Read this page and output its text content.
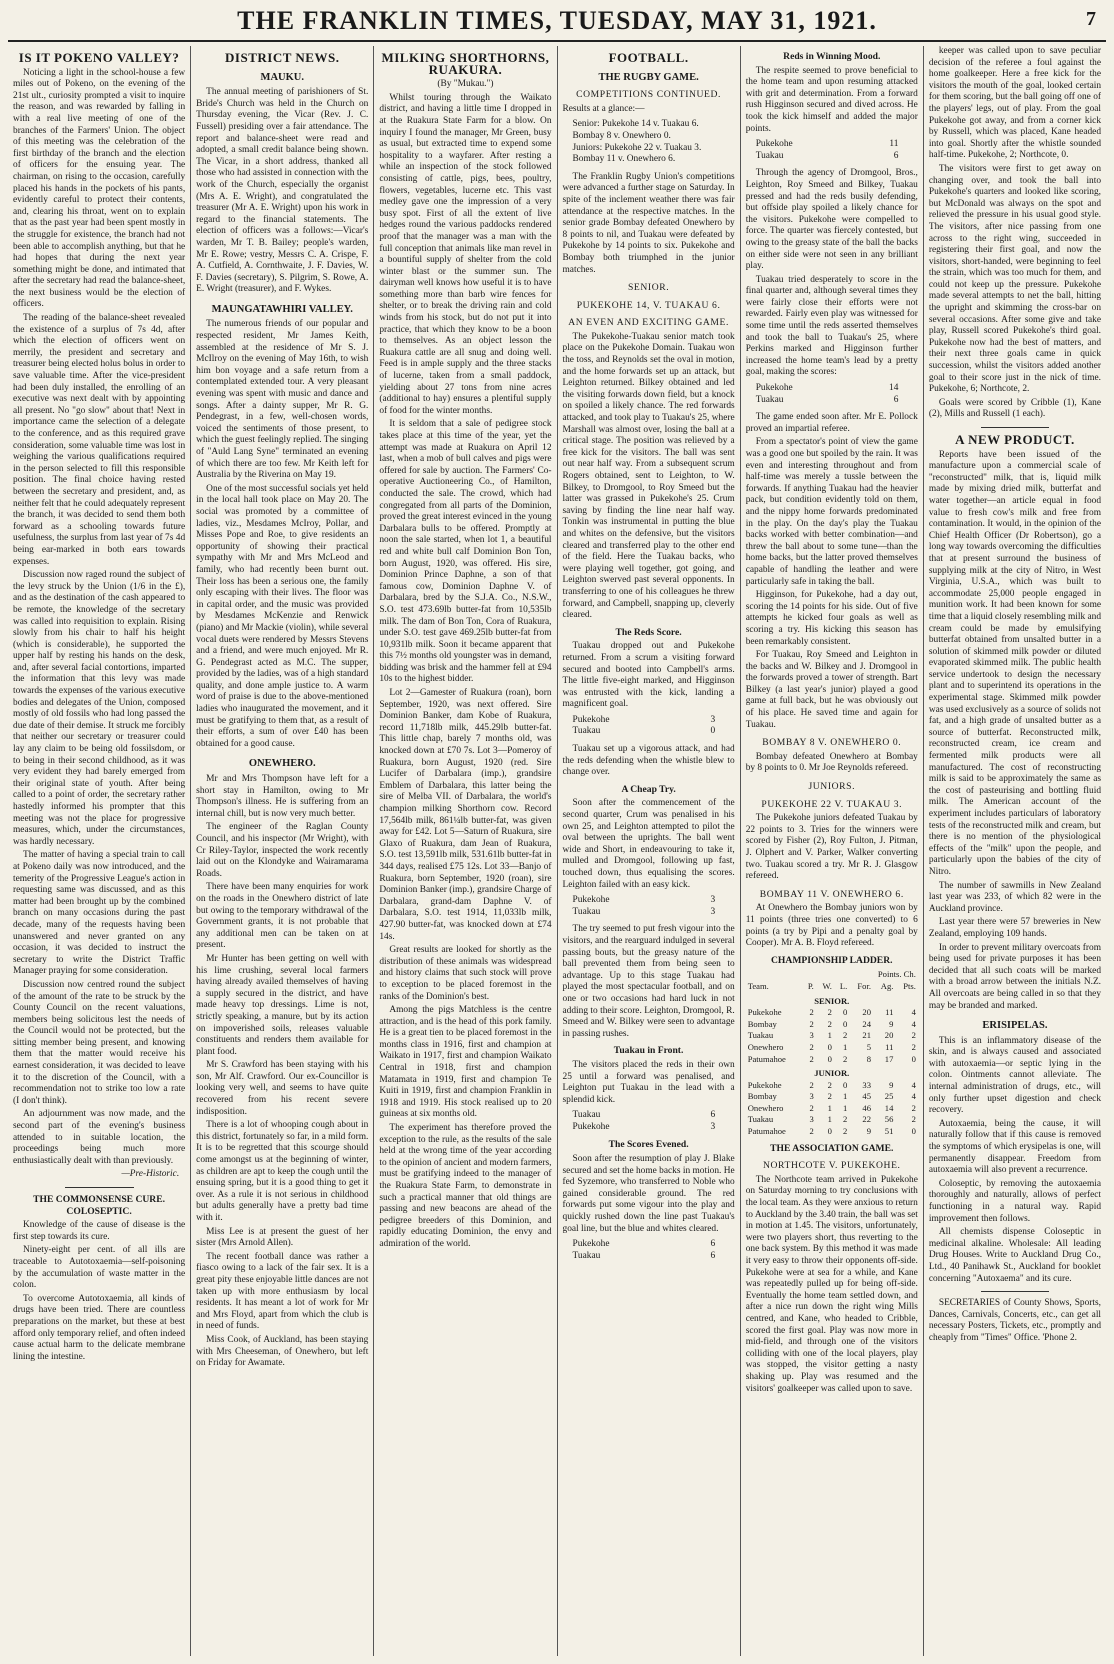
THE FRANKLIN TIMES, TUESDAY, MAY 31, 1921.	7
IS IT POKENO VALLEY?

Noticing a light in the school-house a few miles out of Pokeno, on the evening of the 21st ult., curiosity prompted a visit to inquire the reason, and was rewarded by falling in with a real live meeting of one of the branches of the Farmers' Union. The object of this meeting was the celebration of the first birthday of the branch and the election of officers for the ensuing year. The chairman, on rising to the occasion, carefully placed his hands in the pockets of his pants, evidently careful to protect their contents, and, clearing his throat, went on to explain that as the past year had been spent mostly in the struggle for existence, the branch had not been able to accomplish anything, but that he had hopes that during the next year something might be done, and intimated that after the secretary had read the balance-sheet, the next business would be the election of officers.

The reading of the balance-sheet revealed the existence of a surplus of 7s 4d, after which the election of officers went on merrily, the president and secretary and treasurer being elected holus bolus in order to save valuable time. After the vice-president had been duly installed, the enrolling of an executive was next dealt with by appointing all present. No "go slow" about that! Next in importance came the selection of a delegate to the conference, and as this required grave consideration, some valuable time was lost in weighing the various qualifications required in the person selected to fill this responsible position. The final choice having rested between the secretary and president, and, as neither felt that he could adequately represent the branch, it was decided to send them both forward as a schooling towards future usefulness, the surplus from last year of 7s 4d being ear-marked in both ears towards expenses.

Discussion now raged round the subject of the levy struck by the Union (1/6 in the £), and as the destination of the cash appeared to be remote, the knowledge of the secretary was called into requisition to explain. Rising slowly from his chair to half his height (which is considerable), he supported the upper half by resting his hands on the desk, and, after several facial contortions, imparted the information that this levy was made towards the expenses of the various executive bodies and delegates of the Union, composed mostly of old fossils who had long passed the due date of their demise. It struck me forcibly that neither our secretary or treasurer could lay any claim to be being old fossilsdom, or to being in their second childhood, as it was very evident they had barely emerged from their original state of youth. After being called to a point of order, the secretary rather hastedly informed his prompter that this meeting was not the place for progressive measures, which, under the circumstances, was hardly necessary.

The matter of having a special train to call at Pokeno daily was now introduced, and the temerity of the Progressive League's action in requesting same was discussed, and as this matter had been brought up by the combined branch on many occasions during the past decade, many of the requests having been unanswered and never granted on any occasion, it was decided to instruct the secretary to write the District Traffic Manager praying for some consideration.

Discussion now centred round the subject of the amount of the rate to be struck by the County Council on the recent valuations, members being solicitous lest the needs of the Council would not be protected, but the sitting member being present, and knowing them that the matter would receive his earnest consideration, it was decided to leave it to the discretion of the Council, with a recommendation not to strike too low a rate (I don't think).

An adjournment was now made, and the second part of the evening's business attended to in suitable location, the proceedings being much more enthusiastically dealt with than previously.

—Pre-Historic.
THE COMMONSENSE CURE. COLOSEPTIC.

Knowledge of the cause of disease is the first step towards its cure.

Ninety-eight per cent. of all ills are traceable to Autotoxaemia—self-poisoning by the accumulation of waste matter in the colon.

To overcome Autotoxaemia, all kinds of drugs have been tried. There are countless preparations on the market, but these at best afford only temporary relief, and often indeed cause actual harm to the delicate membrane lining the intestine.

DISTRICT NEWS.
MAUKU.

The annual meeting of parishioners of St. Bride's Church was held in the Church on Thursday evening, the Vicar (Rev. J. C. Fussell) presiding over a fair attendance. The report and balance-sheet were read and adopted, a small credit balance being shown. The Vicar, in a short address, thanked all those who had assisted in connection with the work of the Church, especially the organist (Mrs A. E. Wright), and congratulated the treasurer (Mr A. E. Wright) upon his work in regard to the financial statements. The election of officers was a follows:—Vicar's warden, Mr T. B. Bailey; people's warden, Mr E. Rowe; vestry, Messrs C. A. Crispe, F. A. Cutfield, A. Cornthwaite, J. F. Davies, W. F. Davies (secretary), S. Pilgrim, S. Rowe, A. E. Wright (treasurer), and F. Wykes.

MAUNGATAWHIRI VALLEY.

The numerous friends of our popular and respected resident, Mr James Keith, assembled at the residence of Mr S. J. McIlroy on the evening of May 16th, to wish him bon voyage and a safe return from a contemplated extended tour. A very pleasant evening was spent with music and dance and songs. After a dainty supper, Mr R. G. Pendegrast, in a few, well-chosen words, voiced the sentiments of those present, to which the guest feelingly replied. The singing of "Auld Lang Syne" terminated an evening of which there are too few. Mr Keith left for Australia by the Riverina on May 19.

One of the most successful socials yet held in the local hall took place on May 20. The social was promoted by a committee of ladies, viz., Mesdames McIroy, Pollar, and Misses Pope and Roe, to give residents an opportunity of showing their practical sympathy with Mr and Mrs McLeod and family, who had recently been burnt out. Their loss has been a serious one, the family only escaping with their lives. The floor was in capital order, and the music was provided by Mesdames McKenzie and Renwick (piano) and Mr Mackie (violin), while several vocal duets were rendered by Messrs Stevens and a friend, and were much enjoyed. Mr R. G. Pendegrast acted as M.C. The supper, provided by the ladies, was of a high standard quality, and done ample justice to. A warm word of praise is due to the above-mentioned ladies who inaugurated the movement, and it must be gratifying to them that, as a result of their efforts, a sum of over £40 has been obtained for a good cause.

ONEWHERO.

Mr and Mrs Thompson have left for a short stay in Hamilton, owing to Mr Thompson's illness. He is suffering from an internal chill, but is now very much better.

The engineer of the Raglan County Council, and his inspector (Mr Wright), with Cr Riley-Taylor, inspected the work recently laid out on the Klondyke and Wairamarama Roads.

There have been many enquiries for work on the roads in the Onewhero district of late but owing to the temporary withdrawal of the Government grants, it is not probable that any additional men can be taken on at present.

Mr Hunter has been getting on well with his lime crushing, several local farmers having already availed themselves of having a supply secured in the district, and have made heavy top dressings. Lime is not, strictly speaking, a manure, but by its action on impoverished soils, releases valuable constituents and renders them available for plant food.

Mr S. Crawford has been staying with his son, Mr Alf. Crawford. Our ex-Councillor is looking very well, and seems to have quite recovered from his recent severe indisposition.

There is a lot of whooping cough about in this district, fortunately so far, in a mild form. It is to be regretted that this scourge should come amongst us at the beginning of winter, as children are apt to keep the cough until the ensuing spring, but it is a good thing to get it over. As a rule it is not serious in childhood but adults generally have a pretty bad time with it.

Miss Lee is at present the guest of her sister (Mrs Arnold Allen).

The recent football dance was rather a fiasco owing to a lack of the fair sex. It is a great pity these enjoyable little dances are not taken up with more enthusiasm by local residents. It has meant a lot of work for Mr and Mrs Floyd, apart from which the club is in need of funds.

Miss Cook, of Auckland, has been staying with Mrs Cheeseman, of Onewhero, but left on Friday for Awamate.

MILKING SHORTHORNS, RUAKURA.
(By "Mukau.")

Whilst touring through the Waikato district, and having a little time I dropped in at the Ruakura State Farm for a blow. On inquiry I found the manager, Mr Green, busy as usual, but extracted time to expend some hospitality to a wayfarer. After resting a while an inspection of the stock followed consisting of cattle, pigs, bees, poultry, flowers, vegetables, lucerne etc. This vast medley gave one the impression of a very busy spot. First of all the extent of live hedges round the various paddocks rendered proof that the manager was a man with the full conception that animals like man revel in a bountiful supply of shelter from the cold winter blast or the summer sun. The dairyman well knows how useful it is to have something more than barb wire fences for shelter, or to break the driving rain and cold winds from his stock, but do not put it into practice, that which they know to be a boon to themselves. As an object lesson the Ruakura cattle are all snug and doing well. Feed is in ample supply and the three stacks of lucerne, taken from a small paddock, yielding about 27 tons from nine acres (additional to hay) ensures a plentiful supply of food for the winter months.

It is seldom that a sale of pedigree stock takes place at this time of the year, yet the attempt was made at Ruakura on April 12 last, when a mob of bull calves and pigs were offered for sale by auction. The Farmers' Co-operative Auctioneering Co., of Hamilton, conducted the sale. The crowd, which had congregated from all parts of the Dominion, proved the great interest evinced in the young Darbalara bulls to be offered. Promptly at noon the sale started, when lot 1, a beautiful red and white bull calf Dominion Bon Ton, born August, 1920, was offered. His sire, Dominion Prince Daphne, a son of that famous cow, Dominion Daphne V. of Darbalara, bred by the S.J.A. Co., N.S.W., S.O. test 473.69lb butter-fat from 10,535lb milk. The dam of Bon Ton, Cora of Ruakura, under S.O. test gave 469.25lb butter-fat from 10,931lb milk. Soon it became apparent that this 7½ months old youngster was in demand, bidding was brisk and the hammer fell at £94 10s to the highest bidder.

Lot 2—Gamester of Ruakura (roan), born September, 1920, was next offered. Sire Dominion Banker, dam Kobe of Ruakura, record 11,718lb milk, 445.29lb butter-fat. This little chap, barely 7 months old, was knocked down at £70 7s. Lot 3—Pomeroy of Ruakura, born August, 1920 (red. Sire Lucifer of Darbalara (imp.), grandsire Emblem of Darbalara, this latter being the sire of Melba VII. of Darbalara, the world's champion milking Shorthorn cow. Record 17,564lb milk, 861¼lb butter-fat, was given away for £42. Lot 5—Saturn of Ruakura, sire Glaxo of Ruakura, dam Jean of Ruakura, S.O. test 13,591lb milk, 531.61lb butter-fat in 344 days, realised £75 12s. Lot 33—Banjo of Ruakura, born September, 1920 (roan), sire Dominion Banker (imp.), grandsire Charge of Darbalara, grand-dam Daphne V. of Darbalara, S.O. test 1914, 11,033lb milk, 427.90 butter-fat, was knocked down at £74 14s.

Great results are looked for shortly as the distribution of these animals was widespread and history claims that such stock will prove to exception to be placed foremost in the ranks of the Dominion's best.

Among the pigs Matchless is the centre attraction, and is the head of this pork family. He is a great tien to be placed foremost in the months class in 1916, first and champion at Waikato in 1917, first and champion Waikato Central in 1918, first and champion Matamata in 1919, first and champion Te Kuiti in 1919, first and champion Franklin in 1918 and 1919. His stock realised up to 20 guineas at six months old.

The experiment has therefore proved the exception to the rule, as the results of the sale held at the wrong time of the year according to the opinion of ancient and modern farmers, must be gratifying indeed to the manager of the Ruakura State Farm, to demonstrate in such a practical manner that old things are passing and new beacons are ahead of the pedigree breeders of this Dominion, and rapidly educating Dominion, the envy and admiration of the world.

FOOTBALL.
THE RUGBY GAME.
COMPETITIONS CONTINUED.
Results at a glance:—
Senior: Pukekohe 14 v. Tuakau 6.
Bombay 8 v. Onewhero 0.
Juniors: Pukekohe 22 v. Tuakau 3.
Bombay 11 v. Onewhero 6.

The Franklin Rugby Union's competitions were advanced a further stage on Saturday. In spite of the inclement weather there was fair attendance at the respective matches. In the senior grade Bombay defeated Onewhero by 8 points to nil, and Tuakau were defeated by Pukekohe by 14 points to six. Pukekohe and Bombay both triumphed in the junior matches.

SENIOR.
PUKEKOHE 14, V. TUAKAU 6.
AN EVEN AND EXCITING GAME.

The Pukekohe-Tuakau senior match took place on the Pukekohe Domain. Tuakau won the toss, and Reynolds set the oval in motion, and the home forwards set up an attack, but Leighton returned. Bilkey obtained and led the visiting forwards down field, but a knock on spoiled a likely chance. The red forwards attacked, and took play to Tuakau's 25, where Marshall was almost over, losing the ball at a critical stage. The position was relieved by a free kick for the visitors. The ball was sent out near half way. From a subsequent scrum Rogers obtained, sent to Leighton, to W. Bilkey, to Dromgool, to Roy Smeed but the latter was grassed in Pukekohe's 25. Crum saving by finding the line near half way. Tonkin was instrumental in putting the blue and whites on the defensive, but the visitors cleared and transferred play to the other end of the field. Here the Tuakau backs, who were playing well together, got going, and Leighton swerved past several opponents. In transferring to one of his colleagues he threw forward, and Campbell, snapping up, cleverly cleared.

The Reds Score.

Tuakau dropped out and Pukekohe returned. From a scrum a visiting forward secured and booted into Campbell's arms. The little five-eight marked, and Higginson was entrusted with the kick, landing a magnificent goal.

Pukekohe	3
Tuakau	0

Tuakau set up a vigorous attack, and had the reds defending when the whistle blew to change over.

A Cheap Try.

Soon after the commencement of the second quarter, Crum was penalised in his own 25, and Leighton attempted to pilot the oval between the uprights. The ball went wide and Short, in endeavouring to take it, mulled and Dromgool, following up fast, touched down, thus equalising the scores. Leighton failed with an easy kick.

Pukekohe	3
Tuakau	3

The try seemed to put fresh vigour into the visitors, and the rearguard indulged in several passing bouts, but the greasy nature of the ball prevented them from being seen to advantage. Up to this stage Tuakau had played the most spectacular football, and on one or two occasions had hard luck in not adding to their score. Leighton, Dromgool, R. Smeed and W. Bilkey were seen to advantage in passing rushes.

Tuakau in Front.

The visitors placed the reds in their own 25 until a forward was penalised, and Leighton put Tuakau in the lead with a splendid kick.

Tuakau	6
Pukekohe	3
The Scores Evened.

Soon after the resumption of play J. Blake secured and set the home backs in motion. He fed Syzemore, who transferred to Noble who gained considerable ground. The red forwards put some vigour into the play and quickly rushed down the line past Tuakau's goal line, but the blue and whites cleared.

Pukekohe	6
Tuakau	6
Reds in Winning Mood.

The respite seemed to prove beneficial to the home team and upon resuming attacked with grit and determination. From a forward rush Higginson secured and dived across. He took the kick himself and added the major points.

Pukekohe	11
Tuakau	6

Through the agency of Dromgool, Bros., Leighton, Roy Smeed and Bilkey, Tuakau pressed and had the reds busily defending, but offside play spoiled a likely chance for the visitors. Pukekohe were compelled to force. The quarter was fiercely contested, but owing to the greasy state of the ball the backs on either side were not seen in any brilliant play.

Tuakau tried desperately to score in the final quarter and, although several times they were fairly close their efforts were not rewarded. Fairly even play was witnessed for some time until the reds asserted themselves and took the ball to Tuakau's 25, where Perkins marked and Higginson further increased the home team's lead by a pretty goal, making the scores:

Pukekohe	14
Tuakau	6

The game ended soon after. Mr E. Pollock proved an impartial referee.

From a spectator's point of view the game was a good one but spoiled by the rain. It was even and interesting throughout and from half-time was merely a tussle between the forwards. If anything Tuakau had the heavier pack, but condition evidently told on them, and the nippy home forwards predominated in the play. On the day's play the Tuakau backs worked with better combination—and threw the ball about to some tune—than the home backs, but the latter proved themselves capable of handling the leather and were particularly safe in taking the ball.

Higginson, for Pukekohe, had a day out, scoring the 14 points for his side. Out of five attempts he kicked four goals as well as scoring a try. His kicking this season has been remarkably consistent.

For Tuakau, Roy Smeed and Leighton in the backs and W. Bilkey and J. Dromgool in the forwards proved a tower of strength. Bart Bilkey (a last year's junior) played a good game at full back, but he was obviously out of his place. He saved time and again for Tuakau.

BOMBAY 8 V. ONEWHERO 0.

Bombay defeated Onewhero at Bombay by 8 points to 0. Mr Joe Reynolds refereed.

JUNIORS.
PUKEKOHE 22 V. TUAKAU 3.

The Pukekohe juniors defeated Tuakau by 22 points to 3. Tries for the winners were scored by Fisher (2), Roy Fulton, J. Pitman, J. Olphert and V. Parker, Walker converting two. Tuakau scored a try. Mr R. J. Glasgow refereed.

BOMBAY 11 V. ONEWHERO 6.

At Onewhero the Bombay juniors won by 11 points (three tries one converted) to 6 points (a try by Pipi and a penalty goal by Cooper). Mr A. B. Floyd refereed.

CHAMPIONSHIP LADDER.
Points. Ch.						
Team.	P.	W.	L.	For.	Ag.	Pts.
SENIOR.						
Pukekohe	2	2	0	20	11	4
Bombay	2	2	0	24	9	4
Tuakau	3	1	2	21	20	2
Onewhero	2	0	1	5	11	2
Patumahoe	2	0	2	8	17	0
JUNIOR.						
Pukekohe	2	2	0	33	9	4
Bombay	3	2	1	45	25	4
Onewhero	2	1	1	46	14	2
Tuakau	3	1	2	22	56	2
Patumahoe	2	0	2	9	51	0
THE ASSOCIATION GAME.
NORTHCOTE V. PUKEKOHE.

The Northcote team arrived in Pukekohe on Saturday morning to try conclusions with the local team. As they were anxious to return to Auckland by the 3.40 train, the ball was set in motion at 1.45. The visitors, unfortunately, were two players short, thus reverting to the one back system. By this method it was made it very easy to throw their opponents off-side. Pukekohe were at sea for a while, and Kane was repeatedly pulled up for being off-side. Eventually the home team settled down, and after a nice run down the right wing Mills centred, and Kane, who headed to Cribble, scored the first goal. Play was now more in mid-field, and through one of the visitors colliding with one of the local players, play was stopped, the visitor getting a nasty shaking up. Play was resumed and the visitors' goalkeeper was called upon to save.

keeper was called upon to save peculiar decision of the referee a foul against the home goalkeeper. Here a free kick for the visitors the mouth of the goal, looked certain for them scoring, but the ball going off one of the players' legs, out of play. From the goal Pukekohe got away, and from a corner kick by Russell, which was placed, Kane headed into goal. Shortly after the whistle sounded half-time. Pukekohe, 2; Northcote, 0.

The visitors were first to get away on changing over, and took the ball into Pukekohe's quarters and looked like scoring, but McDonald was always on the spot and relieved the pressure in his usual good style. The visitors, after nice passing from one across to the right wing, succeeded in registering their first goal, and now the visitors, short-handed, were beginning to feel the strain, which was too much for them, and could not keep up the pressure. Pukekohe made several attempts to net the ball, hitting the upright and skimming the cross-bar on several occasions. After some give and take play, Russell scored Pukekohe's third goal. Pukekohe now had the best of matters, and their next three goals came in quick succession, whilst the visitors added another goal to their score just in the nick of time. Pukekohe, 6; Northcote, 2.

Goals were scored by Cribble (1), Kane (2), Mills and Russell (1 each).

A NEW PRODUCT.

Reports have been issued of the manufacture upon a commercial scale of "reconstructed" milk, that is, liquid milk made by mixing dried milk, butterfat and water together—an article equal in food value to fresh cow's milk and free from contamination. It would, in the opinion of the Chief Health Officer (Dr Robertson), go a long way towards overcoming the difficulties that at present surround the business of supplying milk at the city of Nitro, in West Virginia, U.S.A., which was built to accommodate 25,000 people engaged in munition work. It had been known for some time that a liquid closely resembling milk and cream could be made by emulsifying butterfat obtained from unsalted butter in a solution of skimmed milk powder or diluted evaporated skimmed milk. The public health service undertook to design the necessary plant and to superintend its operations in the experimental stage. Skimmed milk powder was used exclusively as a source of solids not fat, and a high grade of unsalted butter as a source of butterfat. Reconstructed milk, reconstructed cream, ice cream and fermented milk products were all manufactured. The cost of reconstructing milk is said to be approximately the same as the cost of pasteurising and bottling fluid milk. The American account of the experiment includes particulars of laboratory tests of the reconstructed milk and cream, but there is no mention of the physiological effects of the "milk" upon the people, and particularly upon the babies of the city of Nitro.

The number of sawmills in New Zealand last year was 233, of which 82 were in the Auckland province.

Last year there were 57 breweries in New Zealand, employing 109 hands.

In order to prevent military overcoats from being used for private purposes it has been decided that all such coats will be marked with a broad arrow between the initials N.Z. All overcoats are being called in so that they may be branded and marked.

ERISIPELAS.

This is an inflammatory disease of the skin, and is always caused and associated with autoxaemia—or septic lying in the colon. Ointments cannot alleviate. The internal administration of drugs, etc., will only further upset digestion and check recovery.

Autoxaemia, being the cause, it will naturally follow that if this cause is removed the symptoms of which erysipelas is one, will permanently disappear. Freedom from autoxaemia will also prevent a recurrence.

Coloseptic, by removing the autoxaemia thoroughly and naturally, allows of perfect functioning in a natural way. Rapid improvement then follows.

All chemists dispense Coloseptic in medicinal alkaline. Wholesale: All leading Drug Houses. Write to Auckland Drug Co., Ltd., 40 Panihawk St., Auckland for booklet concerning "Autoxaema" and its cure.

SECRETARIES of County Shows, Sports, Dances, Carnivals, Concerts, etc., can get all necessary Posters, Tickets, etc., promptly and cheaply from "Times" Office. 'Phone 2.
